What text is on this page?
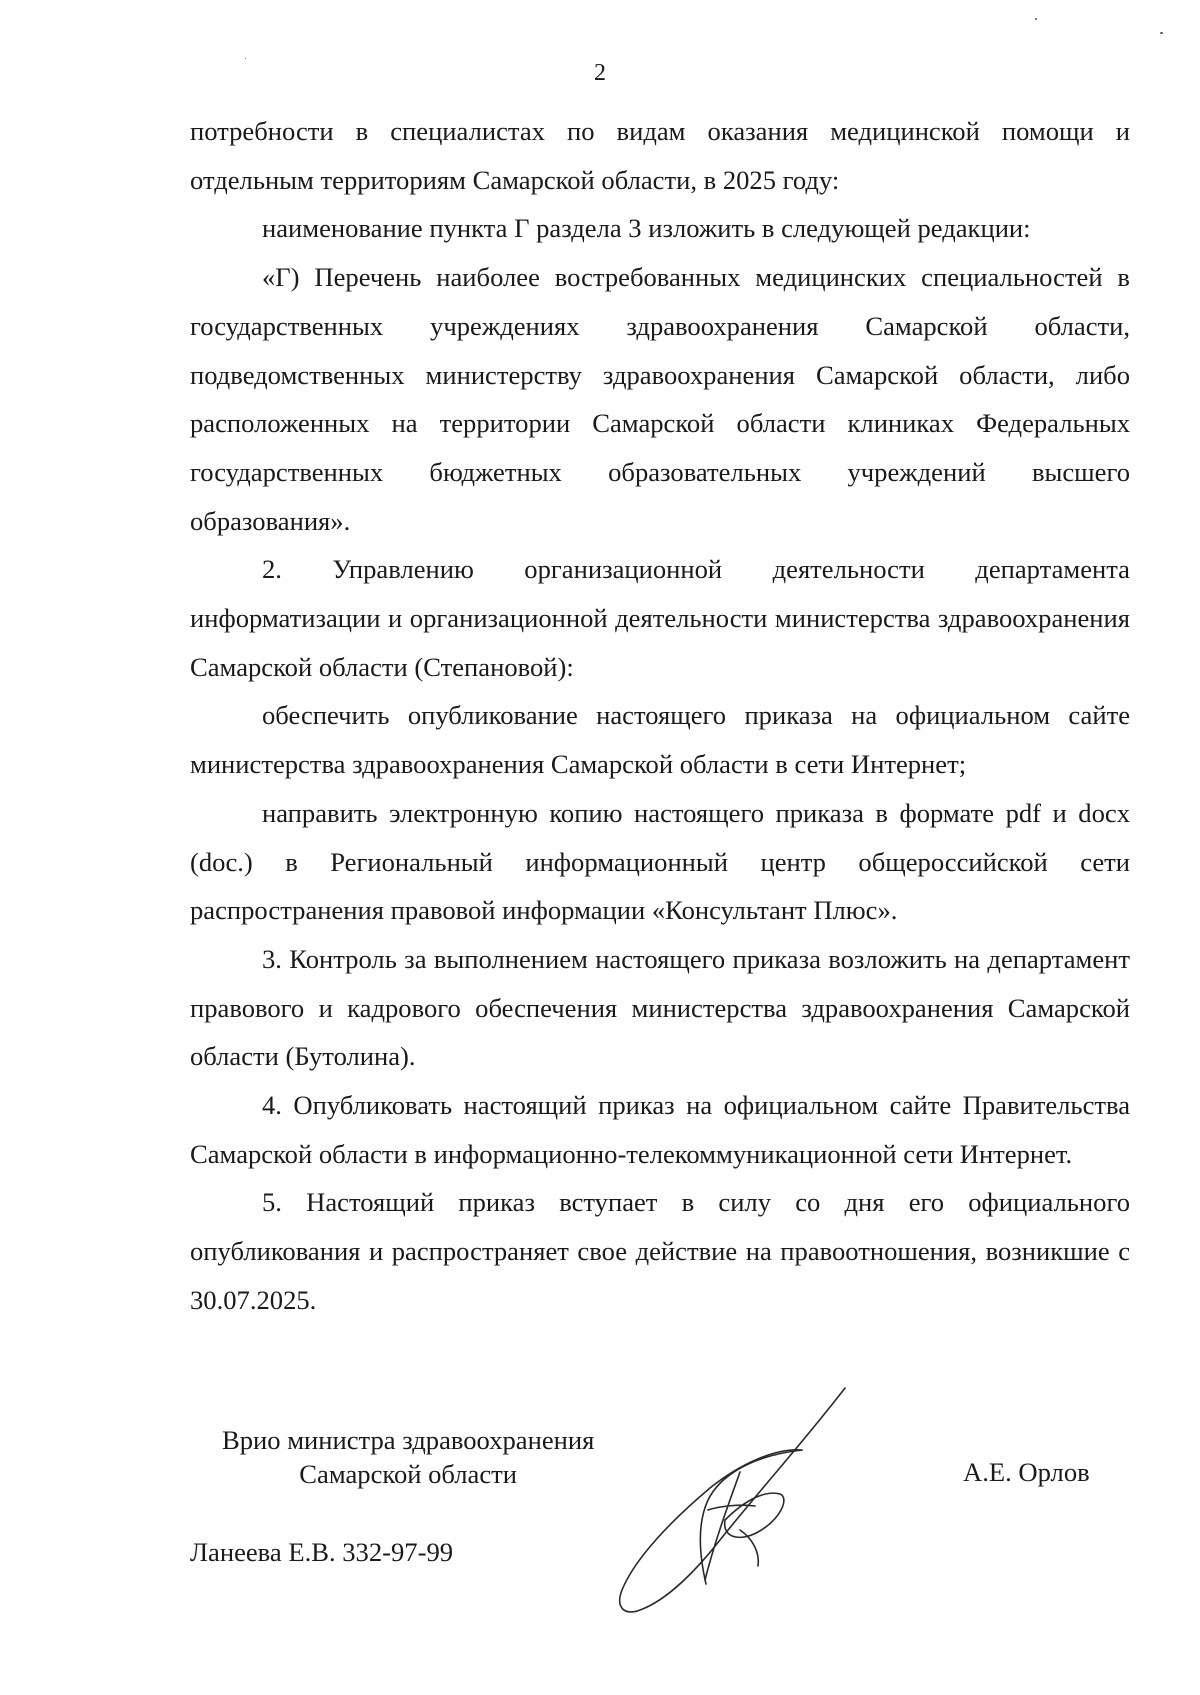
2

потребности в специалистах по видам оказания медицинской помощи и отдельным территориям Самарской области, в 2025 году:

наименование пункта Г раздела 3 изложить в следующей редакции:

«Г) Перечень наиболее востребованных медицинских специальностей в государственных учреждениях здравоохранения Самарской области, подведомственных министерству здравоохранения Самарской области, либо расположенных на территории Самарской области клиниках Федеральных государственных бюджетных образовательных учреждений высшего образования».

2. Управлению организационной деятельности департамента информатизации и организационной деятельности министерства здравоохранения Самарской области (Степановой):

обеспечить опубликование настоящего приказа на официальном сайте министерства здравоохранения Самарской области в сети Интернет;

направить электронную копию настоящего приказа в формате pdf и docx (doc.) в Региональный информационный центр общероссийской сети распространения правовой информации «Консультант Плюс».

3. Контроль за выполнением настоящего приказа возложить на департамент правового и кадрового обеспечения министерства здравоохранения Самарской области (Бутолина).

4. Опубликовать настоящий приказ на официальном сайте Правительства Самарской области в информационно-телекоммуникационной сети Интернет.

5. Настоящий приказ вступает в силу со дня его официального опубликования и распространяет свое действие на правоотношения, возникшие с 30.07.2025.

Врио министра здравоохранения
Самарской области	А.Е. Орлов
Ланеева Е.В. 332-97-99
